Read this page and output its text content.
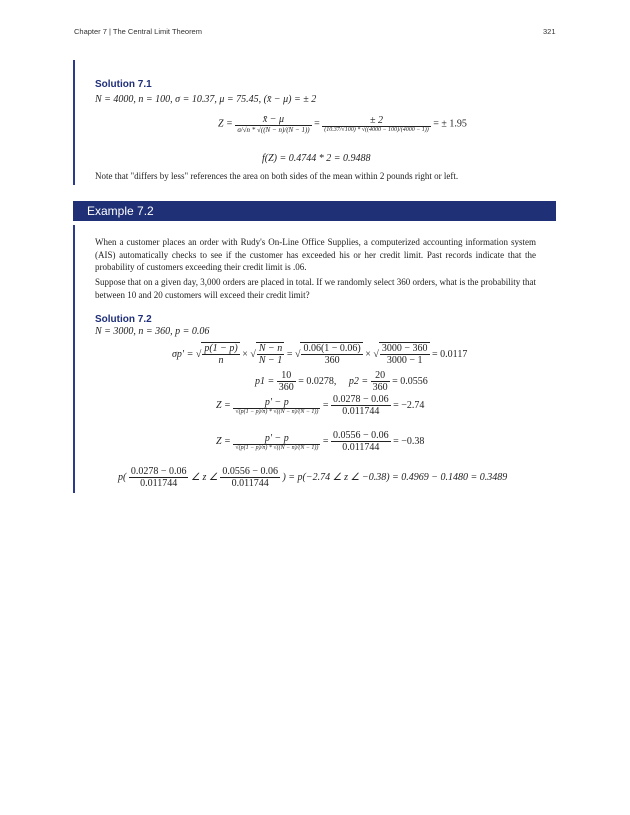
Chapter 7 | The Central Limit Theorem	321
Solution 7.1
N = 4000, n = 100, σ = 10.37, μ = 75.45, (x̄ − μ) = ± 2
$Z = \frac{x̄ - \mu}{\sigma/√n * √((N - n)/(N - 1))} = \frac{\pm 2}{(10.37/√100) * √((4000 - 100)/(4000 - 1))}$ = ± 1.95
f(Z) = 0.4744 * 2 = 0.9488
Note that "differs by less" references the area on both sides of the mean within 2 pounds right or left.
Example 7.2
When a customer places an order with Rudy's On-Line Office Supplies, a computerized accounting information system (AIS) automatically checks to see if the customer has exceeded his or her credit limit. Past records indicate that the probability of customers exceeding their credit limit is .06.
Suppose that on a given day, 3,000 orders are placed in total. If we randomly select 360 orders, what is the probability that between 10 and 20 customers will exceed their credit limit?
Solution 7.2
N = 3000, n = 360, p = 0.06
σp' = √ $\frac{p(1 - p)}{n}$ × √ $\frac{N - n}{N - 1}$ = √ $\frac{0.06(1 - 0.06)}{360}$ × √ $\frac{3000 - 360}{3000 - 1} = 0.0117$
$p1 = \frac{10}{360} = 0.0278$, $p2 = \frac{20}{360} = 0.0556$
$Z = \frac{p' - p}{√(p(1 - p)/n) * √((N - n)/(N - 1))} = \frac{0.0278 - 0.06}{0.011744} = -2.74$
$Z = \frac{p' - p}{√(p(1 - p)/n) * √((N - n)/(N - 1))} = \frac{0.0556 - 0.06}{0.011744} = -0.38$
$p( \frac{0.0278 - 0.06}{0.011744}$ ∠ z ∠ $\frac{0.0556 - 0.06}{0.011744}$ ) = p(−2.74 ∠ z ∠ −0.38) = 0.4969 − 0.1480 = 0.3489
